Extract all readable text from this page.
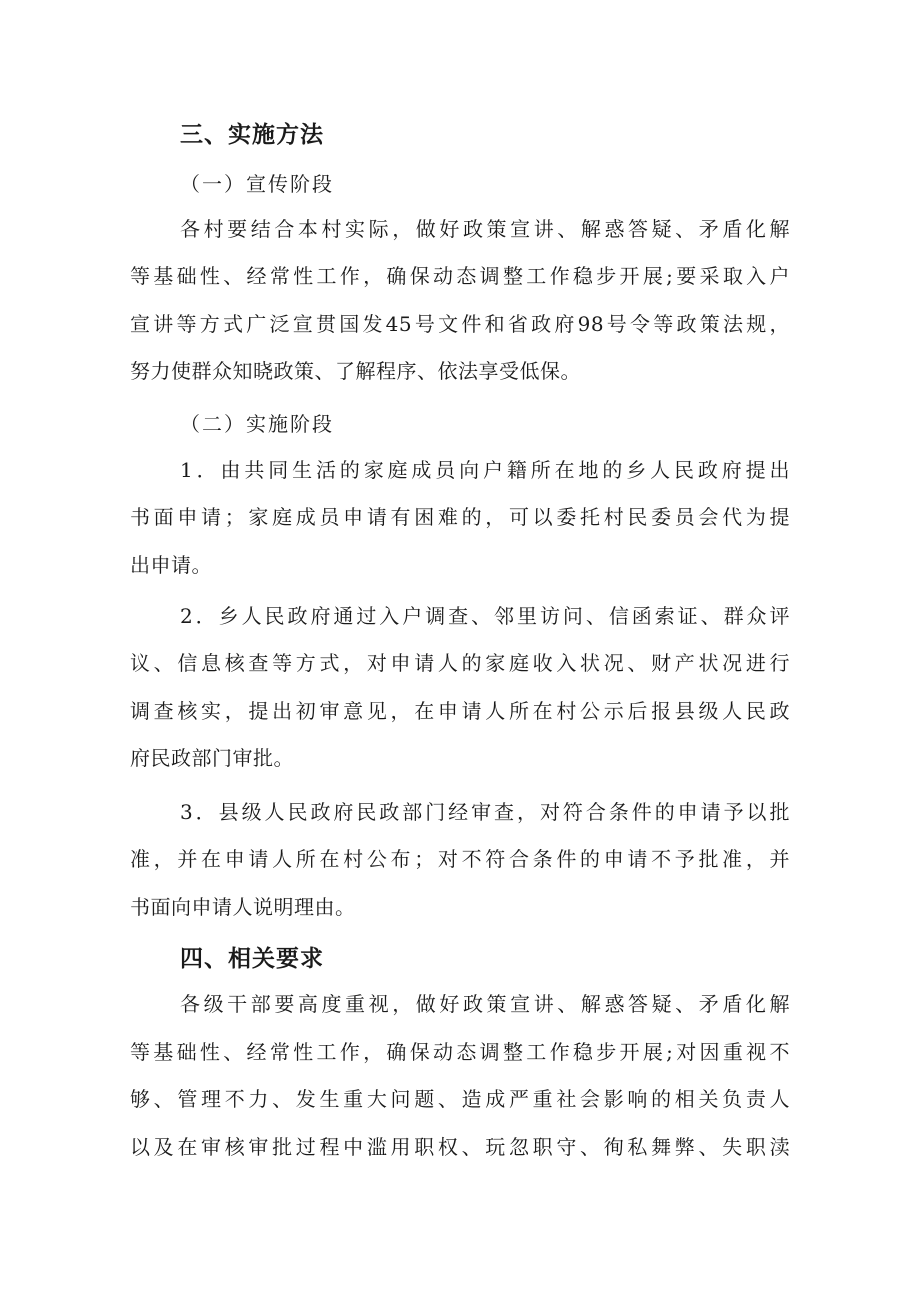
三、实施方法
（一）宣传阶段
各村要结合本村实际，做好政策宣讲、解惑答疑、矛盾化解
等基础性、经常性工作，确保动态调整工作稳步开展;要采取入户
宣讲等方式广泛宣贯国发45号文件和省政府98号令等政策法规，
努力使群众知晓政策、了解程序、依法享受低保。
（二）实施阶段
1．由共同生活的家庭成员向户籍所在地的乡人民政府提出
书面申请；家庭成员申请有困难的，可以委托村民委员会代为提
出申请。
2．乡人民政府通过入户调查、邻里访问、信函索证、群众评
议、信息核查等方式，对申请人的家庭收入状况、财产状况进行
调查核实，提出初审意见，在申请人所在村公示后报县级人民政
府民政部门审批。
3．县级人民政府民政部门经审查，对符合条件的申请予以批
准，并在申请人所在村公布；对不符合条件的申请不予批准，并
书面向申请人说明理由。
四、相关要求
各级干部要高度重视，做好政策宣讲、解惑答疑、矛盾化解
等基础性、经常性工作，确保动态调整工作稳步开展;对因重视不
够、管理不力、发生重大问题、造成严重社会影响的相关负责人
以及在审核审批过程中滥用职权、玩忽职守、徇私舞弊、失职渎
